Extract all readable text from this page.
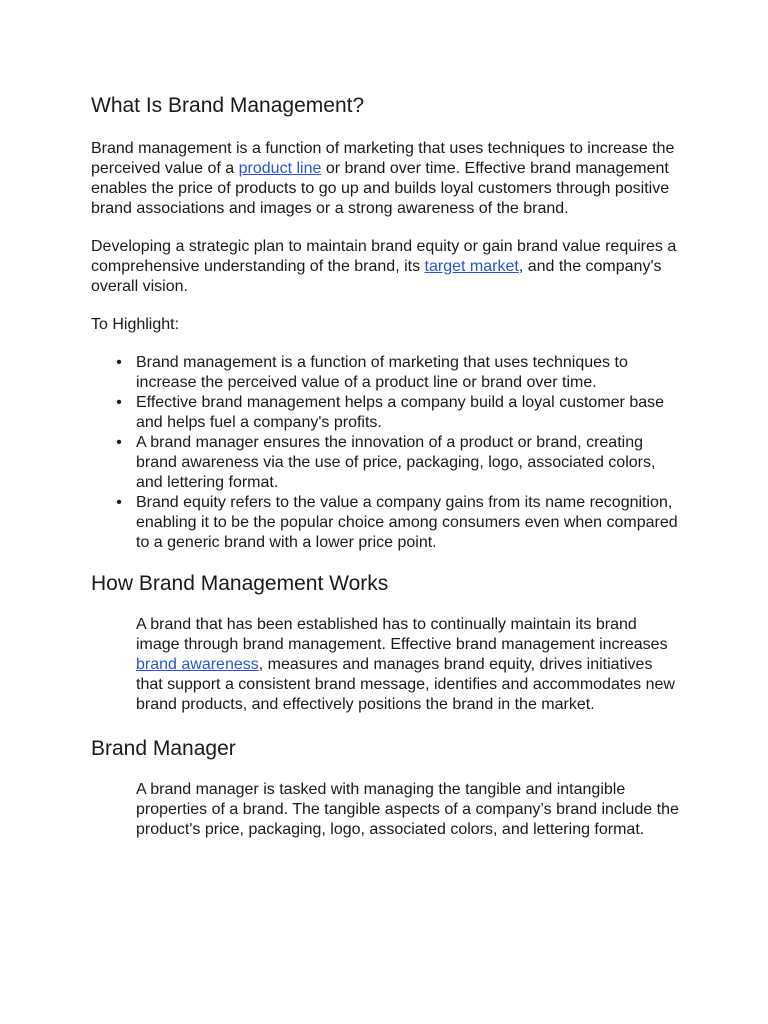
What Is Brand Management?

Brand management is a function of marketing that uses techniques to increase the perceived value of a product line or brand over time. Effective brand management enables the price of products to go up and builds loyal customers through positive brand associations and images or a strong awareness of the brand.

Developing a strategic plan to maintain brand equity or gain brand value requires a comprehensive understanding of the brand, its target market, and the company's overall vision.

To Highlight:

• Brand management is a function of marketing that uses techniques to increase the perceived value of a product line or brand over time.
• Effective brand management helps a company build a loyal customer base and helps fuel a company's profits.
• A brand manager ensures the innovation of a product or brand, creating brand awareness via the use of price, packaging, logo, associated colors, and lettering format.
• Brand equity refers to the value a company gains from its name recognition, enabling it to be the popular choice among consumers even when compared to a generic brand with a lower price point.
How Brand Management Works

A brand that has been established has to continually maintain its brand image through brand management. Effective brand management increases brand awareness, measures and manages brand equity, drives initiatives that support a consistent brand message, identifies and accommodates new brand products, and effectively positions the brand in the market.

Brand Manager

A brand manager is tasked with managing the tangible and intangible properties of a brand. The tangible aspects of a company’s brand include the product's price, packaging, logo, associated colors, and lettering format.
